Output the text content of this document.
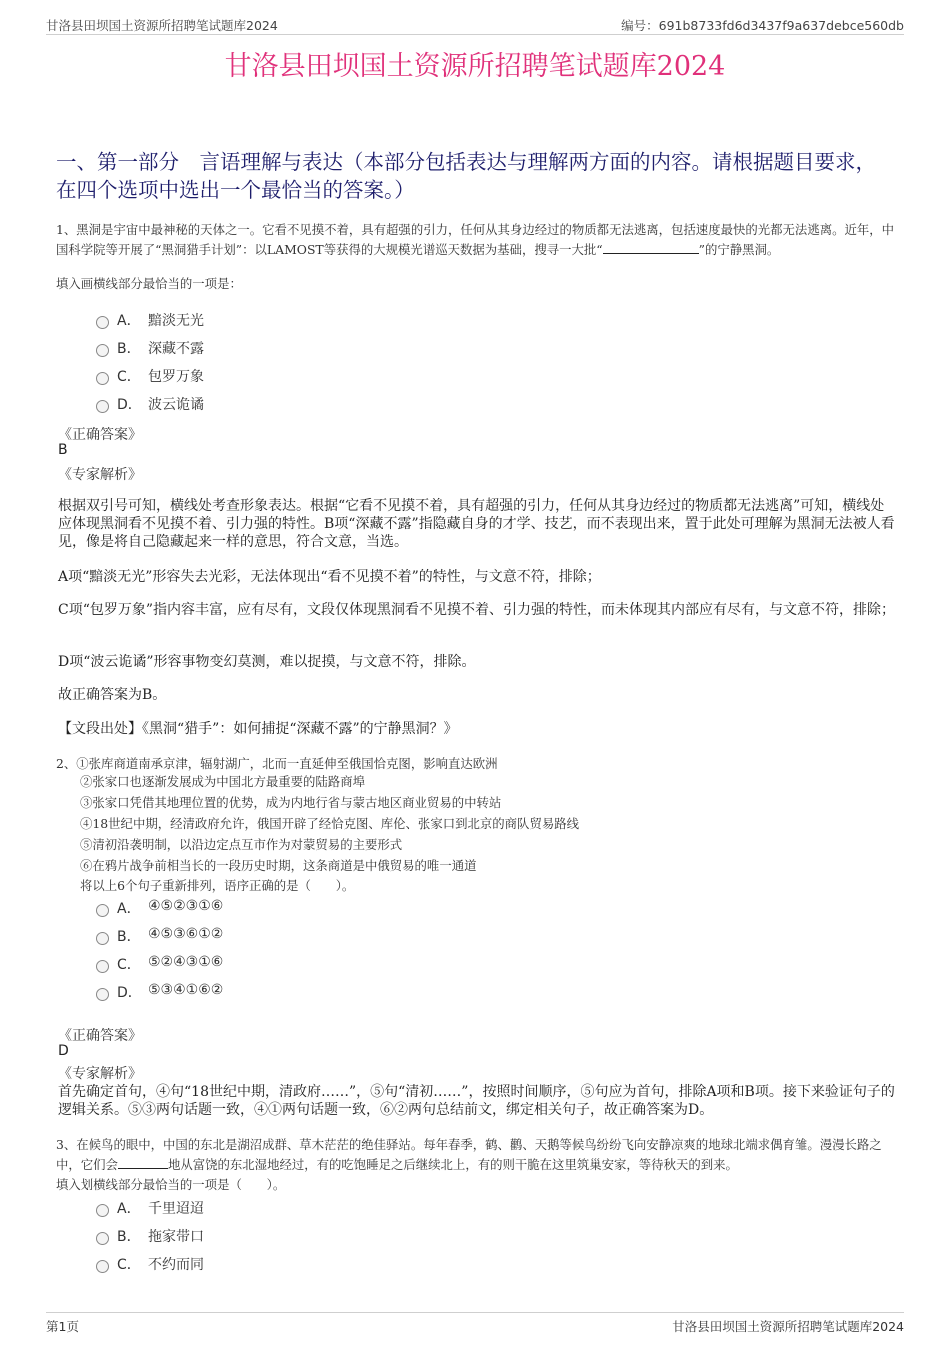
甘洛县田坝国土资源所招聘笔试题库2024	编号：691b8733fd6d3437f9a637debce560db
甘洛县田坝国土资源所招聘笔试题库2024
一、第一部分　言语理解与表达（本部分包括表达与理解两方面的内容。请根据题目要求，在四个选项中选出一个最恰当的答案。）
1、黑洞是宇宙中最神秘的天体之一。它看不见摸不着，具有超强的引力，任何从其身边经过的物质都无法逃离，包括速度最快的光都无法逃离。近年，中国科学院等开展了“黑洞猎手计划”：以LAMOST等获得的大规模光谱巡天数据为基础，搜寻一大批“	”的宁静黑洞。
填入画横线部分最恰当的一项是：
A． 黯淡无光
B． 深藏不露
C． 包罗万象
D． 波云诡谲
《正确答案》
B
《专家解析》
根据双引号可知，横线处考查形象表达。根据“它看不见摸不着，具有超强的引力，任何从其身边经过的物质都无法逃离”可知，横线处应体现黑洞看不见摸不着、引力强的特性。B项“深藏不露”指隐藏自身的才学、技艺，而不表现出来，置于此处可理解为黑洞无法被人看见，像是将自己隐藏起来一样的意思，符合文意，当选。
A项“黯淡无光”形容失去光彩，无法体现出“看不见摸不着”的特性，与文意不符，排除；
C项“包罗万象”指内容丰富，应有尽有，文段仅体现黑洞看不见摸不着、引力强的特性，而未体现其内部应有尽有，与文意不符，排除；
D项“波云诡谲”形容事物变幻莫测，难以捉摸，与文意不符，排除。
故正确答案为B。
【文段出处】《黑洞“猎手”：如何捕捉“深藏不露”的宁静黑洞？》
2、①张库商道南承京津，辐射湖广，北而一直延伸至俄国恰克图，影响直达欧洲
②张家口也逐渐发展成为中国北方最重要的陆路商埠
③张家口凭借其地理位置的优势，成为内地行省与蒙古地区商业贸易的中转站
④18世纪中期，经清政府允许，俄国开辟了经恰克图、库伦、张家口到北京的商队贸易路线
⑤清初沿袭明制，以沿边定点互市作为对蒙贸易的主要形式
⑥在鸦片战争前相当长的一段历史时期，这条商道是中俄贸易的唯一通道
将以上6个句子重新排列，语序正确的是（　　）。
A． ④⑤②③①⑥
B． ④⑤③⑥①②
C． ⑤②④③①⑥
D． ⑤③④①⑥②
《正确答案》
D
《专家解析》
首先确定首句，④句“18世纪中期，清政府……”，⑤句“清初……”，按照时间顺序，⑤句应为首句，排除A项和B项。接下来验证句子的逻辑关系。⑤③两句话题一致，④①两句话题一致，⑥②两句总结前文，绑定相关句子，故正确答案为D。
3、在候鸟的眼中，中国的东北是湖沼成群、草木茫茫的绝佳驿站。每年春季，鹤、鹳、天鹅等候鸟纷纷飞向安静凉爽的地球北端求偶育雏。漫漫长路之中，它们会	地从富饶的东北湿地经过，有的吃饱睡足之后继续北上，有的则干脆在这里筑巢安家，等待秋天的到来。
填入划横线部分最恰当的一项是（　　）。
A． 千里迢迢
B． 拖家带口
C． 不约而同
第1页	甘洛县田坝国土资源所招聘笔试题库2024
